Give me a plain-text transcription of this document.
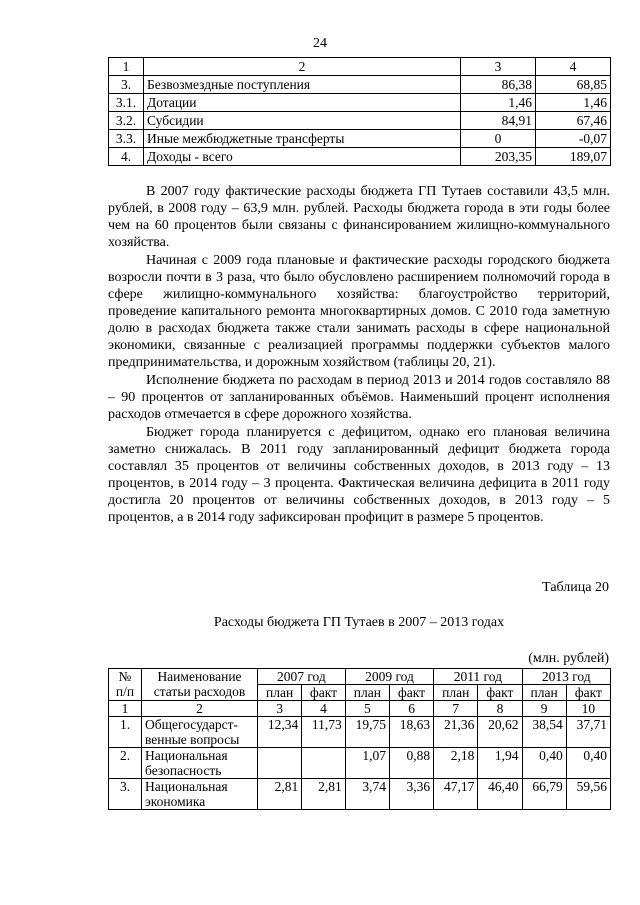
24
1	2	3	4
3.	Безвозмездные поступления	86,38	68,85
3.1.	Дотации	1,46	1,46
3.2.	Субсидии	84,91	67,46
3.3.	Иные межбюджетные трансферты	0	-0,07
4.	Доходы - всего	203,35	189,07

В 2007 году фактические расходы бюджета ГП Тутаев составили 43,5 млн. рублей, в 2008 году – 63,9 млн. рублей. Расходы бюджета города в эти годы более чем на 60 процентов были связаны с финансированием жилищно-коммунального хозяйства.

Начиная с 2009 года плановые и фактические расходы городского бюджета возросли почти в 3 раза, что было обусловлено расширением полномочий города в сфере жилищно-коммунального хозяйства: благоустройство территорий, проведение капитального ремонта многоквартирных домов. С 2010 года заметную долю в расходах бюджета также стали занимать расходы в сфере национальной экономики, связанные с реализацией программы поддержки субъектов малого предпринимательства, и дорожным хозяйством (таблицы 20, 21).

Исполнение бюджета по расходам в период 2013 и 2014 годов составляло 88 – 90 процентов от запланированных объёмов. Наименьший процент исполнения расходов отмечается в сфере дорожного хозяйства.

Бюджет города планируется с дефицитом, однако его плановая величина заметно снижалась. В 2011 году запланированный дефицит бюджета города составлял 35 процентов от величины собственных доходов, в 2013 году – 13 процентов, в 2014 году – 3 процента. Фактическая величина дефицита в 2011 году достигла 20 процентов от величины собственных доходов, в 2013 году – 5 процентов, а в 2014 году зафиксирован профицит в размере 5 процентов.

Таблица 20
Расходы бюджета ГП Тутаев в 2007 – 2013 годах
(млн. рублей)
№ п/п	Наименование статьи расходов	2007 год		2009 год		2011 год		2013 год	
		план	факт	план	факт	план	факт	план	факт
1	2	3	4	5	6	7	8	9	10
1.	Общегосударст-венные вопросы	12,34	11,73	19,75	18,63	21,36	20,62	38,54	37,71
2.	Национальная безопасность			1,07	0,88	2,18	1,94	0,40	0,40
3.	Национальная экономика	2,81	2,81	3,74	3,36	47,17	46,40	66,79	59,56
